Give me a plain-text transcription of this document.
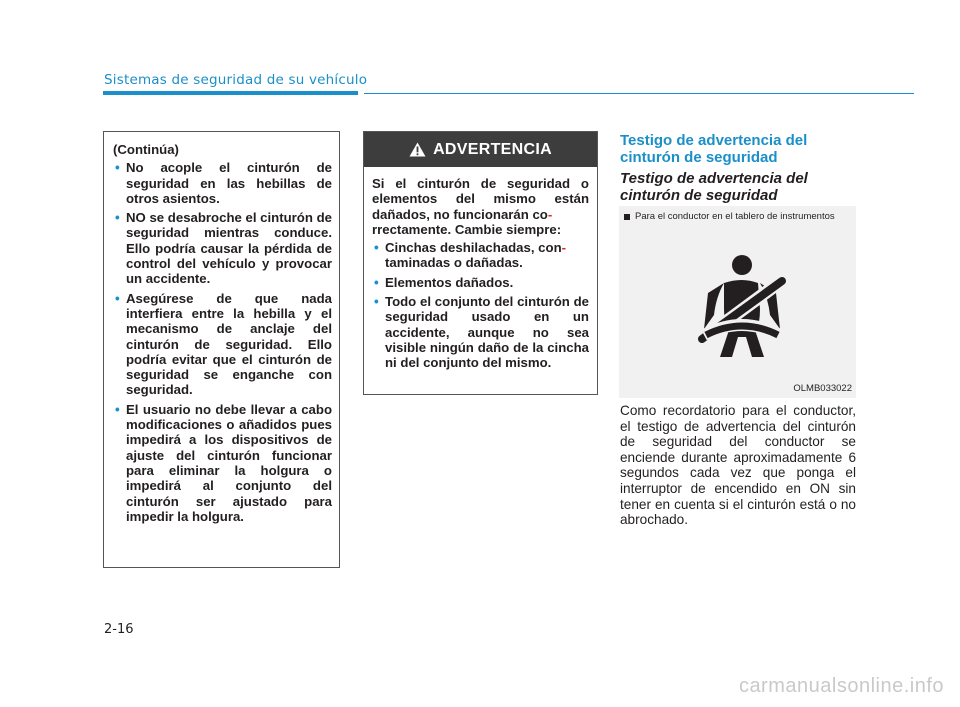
Sistemas de seguridad de su vehículo
(Continúa)
• No acople el cinturón de seguridad en las hebillas de otros asientos.
• NO se desabroche el cinturón de seguridad mientras conduce. Ello podría causar la pérdida de control del vehículo y provocar un accidente.
• Asegúrese de que nada interfiera entre la hebilla y el mecanismo de anclaje del cinturón de seguridad. Ello podría evitar que el cinturón de seguridad se enganche con seguridad.
• El usuario no debe llevar a cabo modificaciones o añadidos pues impedirá a los dispositivos de ajuste del cinturón funcionar para eliminar la holgura o impedirá al conjunto del cinturón ser ajustado para impedir la holgura.
ADVERTENCIA
Si el cinturón de seguridad o elementos del mismo están dañados, no funcionarán co-
rrectamente. Cambie siempre:
• Cinchas deshilachadas, con-
taminadas o dañadas.
• Elementos dañados.
• Todo el conjunto del cinturón de seguridad usado en un accidente, aunque no sea visible ningún daño de la cincha ni del conjunto del mismo.
Testigo de advertencia del cinturón de seguridad
Testigo de advertencia del cinturón de seguridad
Para el conductor en el tablero de instrumentos
OLMB033022

Como recordatorio para el conductor, el testigo de advertencia del cinturón de seguridad del conductor se enciende durante aproximadamente 6 segundos cada vez que ponga el interruptor de encendido en ON sin tener en cuenta si el cinturón está o no abrochado.

2-16
carmanualsonline.info
